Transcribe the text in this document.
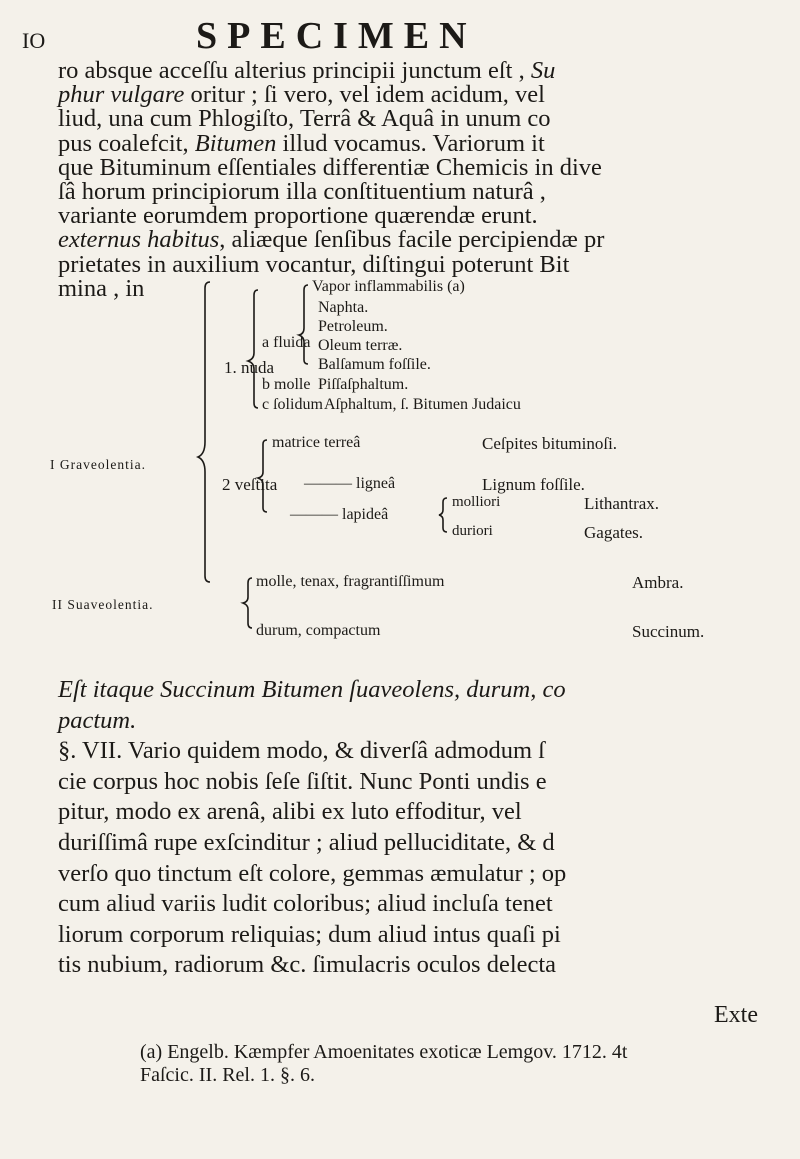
IO	SPECIMEN
ro absque acceſſu alterius principii junctum eſt , Su
phur vulgare oritur ; ſi vero, vel idem acidum, vel
liud, una cum Phlogiſto, Terrâ & Aquâ in unum co
pus coalefcit, Bitumen illud vocamus. Variorum it
que Bituminum eſſentiales differentiæ Chemicis in dive
ſâ horum principiorum illa conſtituentium naturâ ,
variante eorumdem proportione quærendæ erunt.
externus habitus, aliæque ſenſibus facile percipiendæ pr
prietates in auxilium vocantur, diſtingui poterunt Bit
mina , in
I Graveolentia.
1. nuda
a fluida
Vapor inflammabilis (a)
Naphta.
Petroleum.
Oleum terræ.
Balſamum foſſile.
b molle Piſſaſphaltum.
c ſolidum Aſphaltum, ſ. Bitumen Judaicu
2 veſtita
matrice terreâ	Ceſpites bituminoſi.
——— ligneâ	Lignum foſſile.
——— lapideâ
molliori	Lithantrax.
duriori	Gagates.
II Suaveolentia.
molle, tenax, fragrantiſſimum	Ambra.
durum, compactum	Succinum.
Eſt itaque Succinum Bitumen ſuaveolens, durum, co
pactum.
§. VII. Vario quidem modo, & diverſâ admodum ſ
cie corpus hoc nobis ſeſe ſiſtit. Nunc Ponti undis e
pitur, modo ex arenâ, alibi ex luto effoditur, vel
duriſſimâ rupe exſcinditur ; aliud pelluciditate, & d
verſo quo tinctum eſt colore, gemmas æmulatur ; op
cum aliud variis ludit coloribus; aliud incluſa tenet
liorum corporum reliquias; dum aliud intus quaſi pi
tis nubium, radiorum &c. ſimulacris oculos delecta
Exte
(a) Engelb. Kæmpfer Amoenitates exoticæ Lemgov. 1712. 4t
Faſcic. II. Rel. 1. §. 6.
